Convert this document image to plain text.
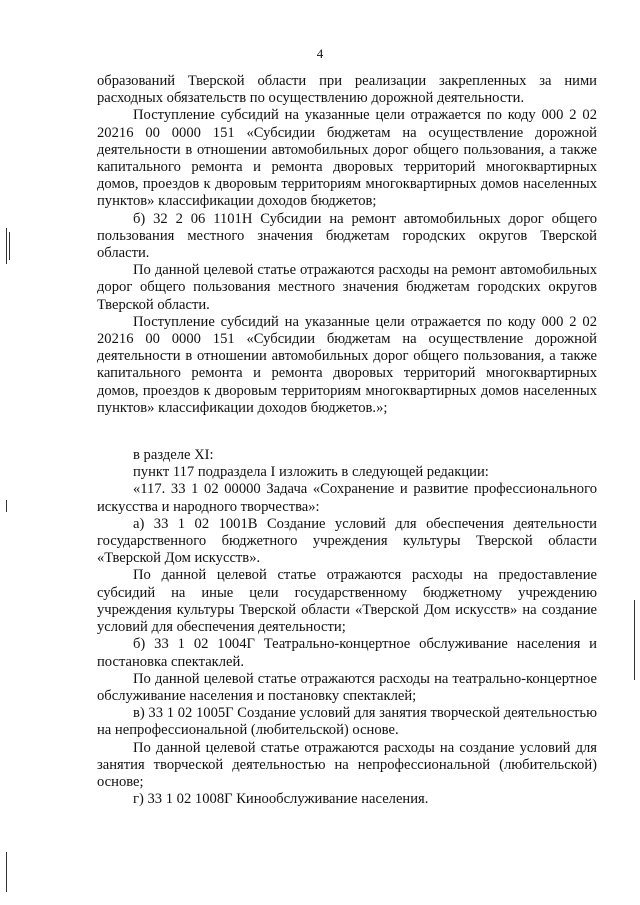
4

образований Тверской области при реализации закрепленных за ними расходных обязательств по осуществлению дорожной деятельности.

Поступление субсидий на указанные цели отражается по коду 000 2 02 20216 00 0000 151 «Субсидии бюджетам на осуществление дорожной деятельности в отношении автомобильных дорог общего пользования, а также капитального ремонта и ремонта дворовых территорий многоквартирных домов, проездов к дворовым территориям многоквартирных домов населенных пунктов» классификации доходов бюджетов;

б) 32 2 06 1101Н Субсидии на ремонт автомобильных дорог общего пользования местного значения бюджетам городских округов Тверской области.

По данной целевой статье отражаются расходы на ремонт автомобильных дорог общего пользования местного значения бюджетам городских округов Тверской области.

Поступление субсидий на указанные цели отражается по коду 000 2 02 20216 00 0000 151 «Субсидии бюджетам на осуществление дорожной деятельности в отношении автомобильных дорог общего пользования, а также капитального ремонта и ремонта дворовых территорий многоквартирных домов, проездов к дворовым территориям многоквартирных домов населенных пунктов» классификации доходов бюджетов.»;

в разделе XI:

пункт 117 подраздела I изложить в следующей редакции:

«117. 33 1 02 00000 Задача «Сохранение и развитие профессионального искусства и народного творчества»:

а) 33 1 02 1001В Создание условий для обеспечения деятельности государственного бюджетного учреждения культуры Тверской области «Тверской Дом искусств».

По данной целевой статье отражаются расходы на предоставление субсидий на иные цели государственному бюджетному учреждению учреждения культуры Тверской области «Тверской Дом искусств» на создание условий для обеспечения деятельности;

б) 33 1 02 1004Г Театрально-концертное обслуживание населения и постановка спектаклей.

По данной целевой статье отражаются расходы на театрально-концертное обслуживание населения и постановку спектаклей;

в) 33 1 02 1005Г Создание условий для занятия творческой деятельностью на непрофессиональной (любительской) основе.

По данной целевой статье отражаются расходы на создание условий для занятия творческой деятельностью на непрофессиональной (любительской) основе;

г) 33 1 02 1008Г Кинообслуживание населения.
